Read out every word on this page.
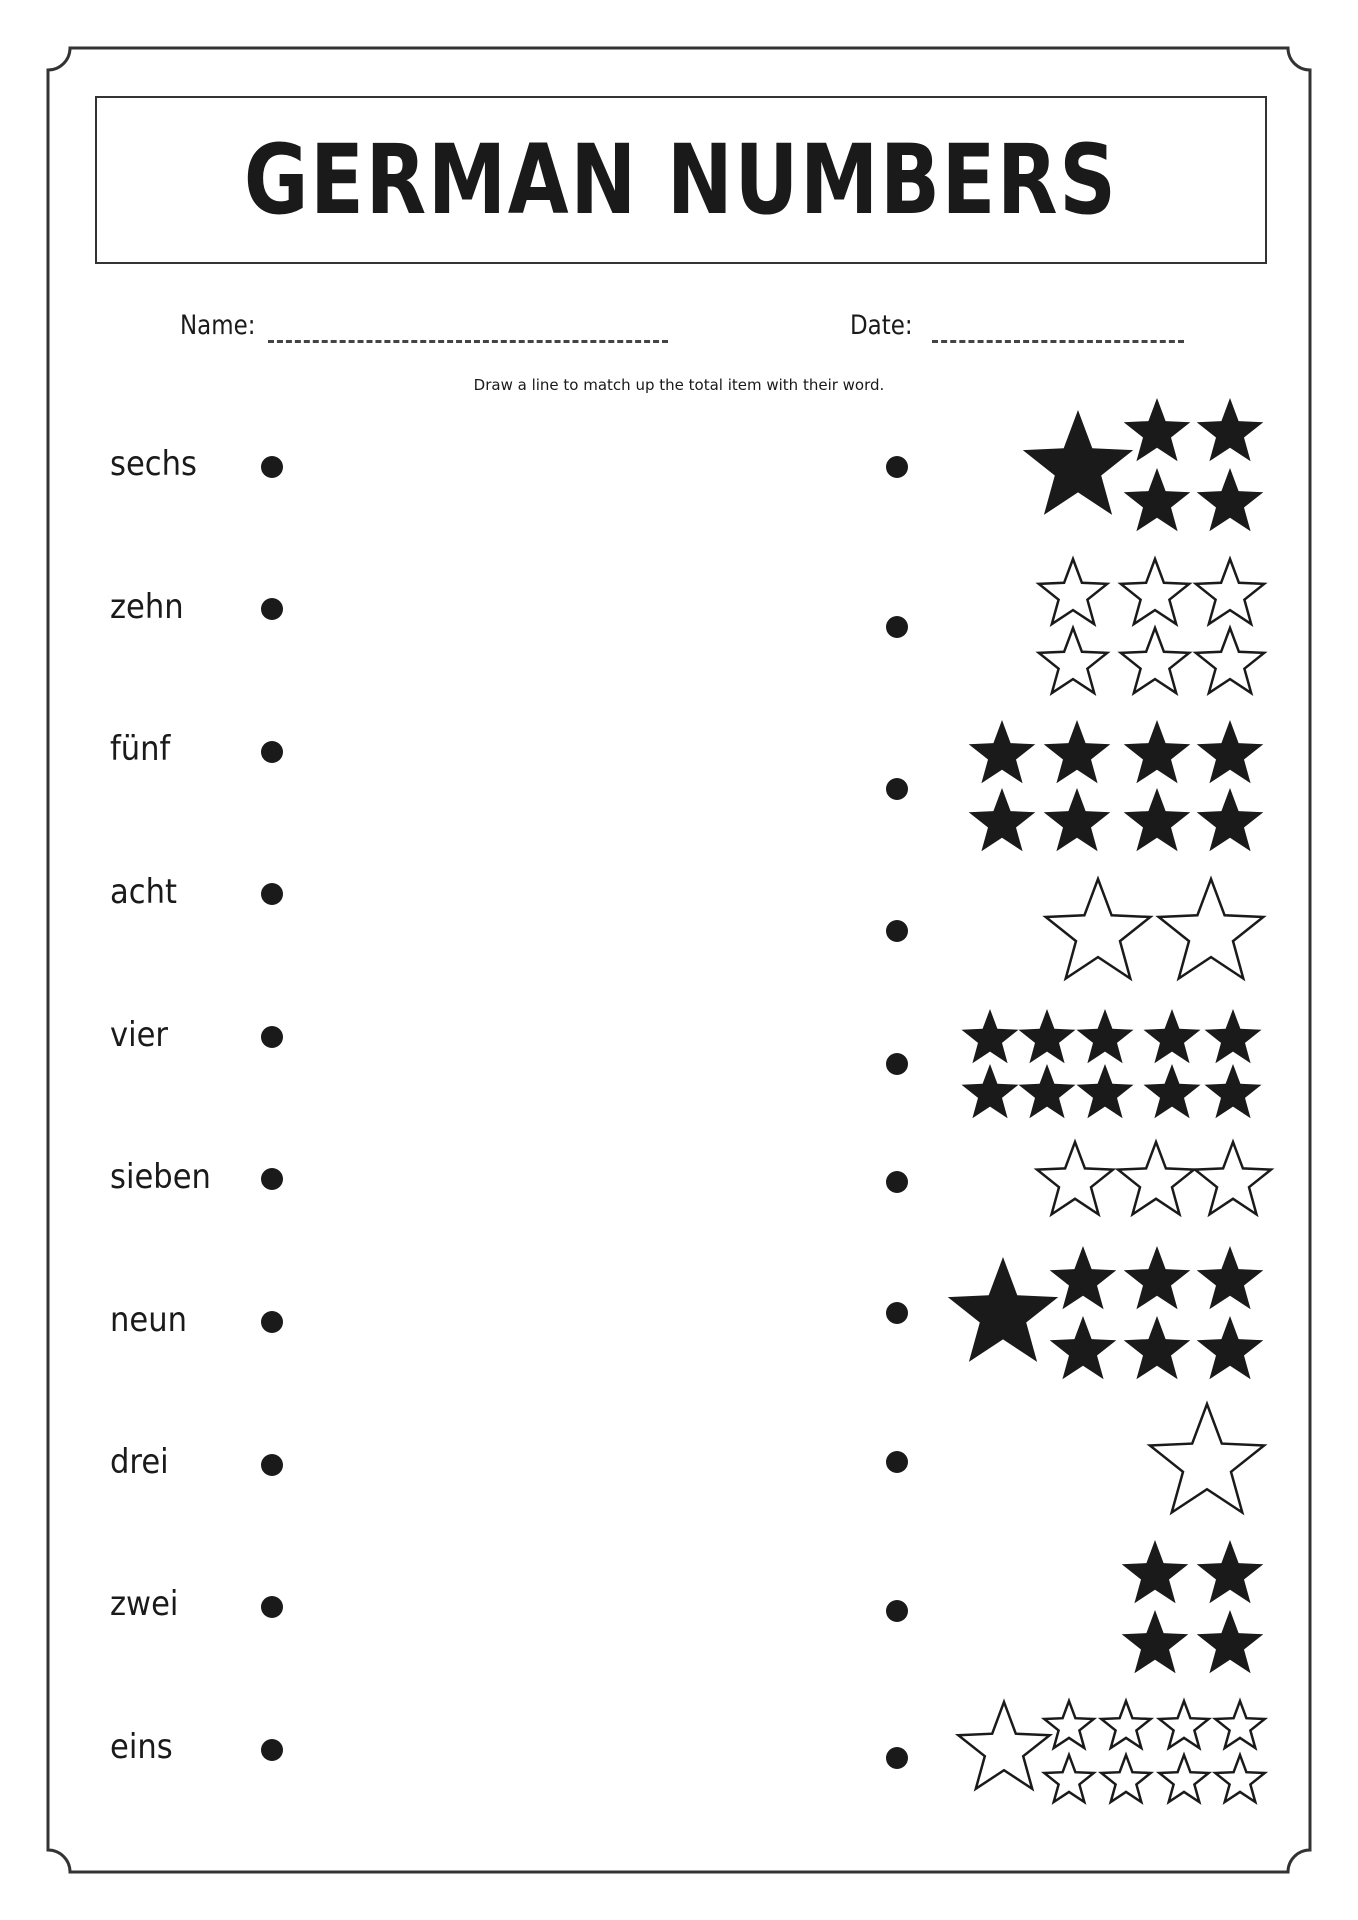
GERMAN NUMBERS
Name:	Date:
Draw a line to match up the total item with their word.
sechs
zehn
fünf
acht
vier
sieben
neun
drei
zwei
eins
